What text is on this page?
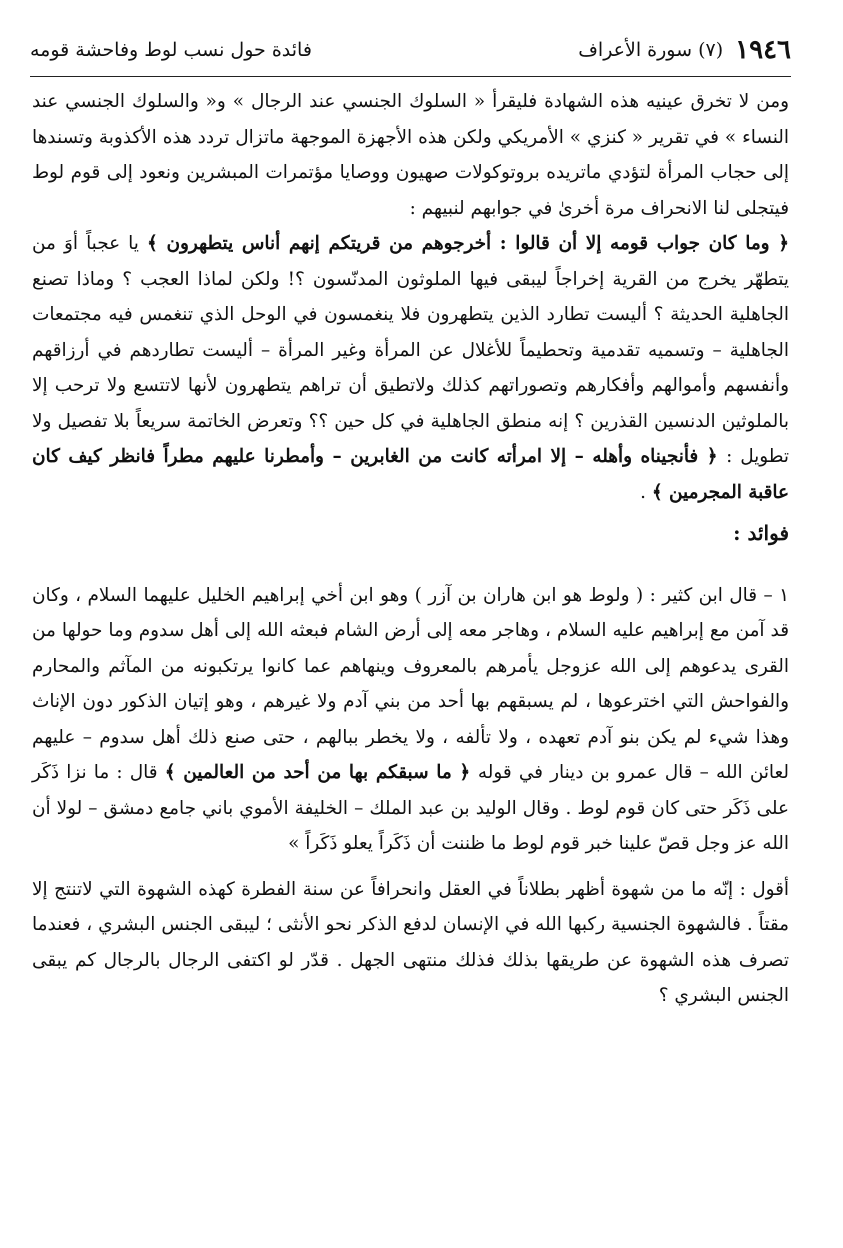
١٩٤٦
(٧) سورة الأعراف
فائدة حول نسب لوط وفاحشة قومه

ومن لا تخرق عينيه هذه الشهادة فليقرأ « السلوك الجنسي عند الرجال » و« والسلوك الجنسي عند النساء » في تقرير « كنزي » الأمريكي ولكن هذه الأجهزة الموجهة ماتزال تردد هذه الأكذوبة وتسندها إلى حجاب المرأة لتؤدي ماتريده بروتوكولات صهيون ووصايا مؤتمرات المبشرين ونعود إلى قوم لوط فيتجلى لنا الانحراف مرة أخرىٰ في جوابهم لنبيهم :

﴿ وما كان جواب قومه إلا أن قالوا : أخرجوهم من قريتكم إنهم أناس يتطهرون ﴾ يا عجباً أوَ من يتطهّر يخرج من القرية إخراجاً ليبقى فيها الملوثون المدنّسون ؟! ولكن لماذا العجب ؟ وماذا تصنع الجاهلية الحديثة ؟ أليست تطارد الذين يتطهرون فلا ينغمسون في الوحل الذي تنغمس فيه مجتمعات الجاهلية – وتسميه تقدمية وتحطيماً للأغلال عن المرأة وغير المرأة – أليست تطاردهم في أرزاقهم وأنفسهم وأموالهم وأفكارهم وتصوراتهم كذلك ولاتطيق أن تراهم يتطهرون لأنها لاتتسع ولا ترحب إلا بالملوثين الدنسين القذرين ؟ إنه منطق الجاهلية في كل حين ؟؟ وتعرض الخاتمة سريعاً بلا تفصيل ولا تطويل : ﴿ فأنجيناه وأهله – إلا امرأته كانت من الغابرين – وأمطرنا عليهم مطراً فانظر كيف كان عاقبة المجرمين ﴾ .

فوائد :

١ – قال ابن كثير : ( ولوط هو ابن هاران بن آزر ) وهو ابن أخي إبراهيم الخليل عليهما السلام ، وكان قد آمن مع إبراهيم عليه السلام ، وهاجر معه إلى أرض الشام فبعثه الله إلى أهل سدوم وما حولها من القرى يدعوهم إلى الله عزوجل يأمرهم بالمعروف وينهاهم عما كانوا يرتكبونه من المآثم والمحارم والفواحش التي اخترعوها ، لم يسبقهم بها أحد من بني آدم ولا غيرهم ، وهو إتيان الذكور دون الإناث وهذا شيء لم يكن بنو آدم تعهده ، ولا تألفه ، ولا يخطر ببالهم ، حتى صنع ذلك أهل سدوم – عليهم لعائن الله – قال عمرو بن دينار في قوله ﴿ ما سبقكم بها من أحد من العالمين ﴾ قال : ما نزا ذَكَر على ذَكَر حتى كان قوم لوط . وقال الوليد بن عبد الملك – الخليفة الأموي باني جامع دمشق – لولا أن الله عز وجل قصّ علينا خبر قوم لوط ما ظننت أن ذَكَراً يعلو ذَكَراً »

أقول : إنّه ما من شهوة أظهر بطلاناً في العقل وانحرافاً عن سنة الفطرة كهذه الشهوة التي لاتنتج إلا مقتاً . فالشهوة الجنسية ركبها الله في الإنسان لدفع الذكر نحو الأنثى ؛ ليبقى الجنس البشري ، فعندما تصرف هذه الشهوة عن طريقها بذلك فذلك منتهى الجهل . قدّر لو اكتفى الرجال بالرجال كم يبقى الجنس البشري ؟
